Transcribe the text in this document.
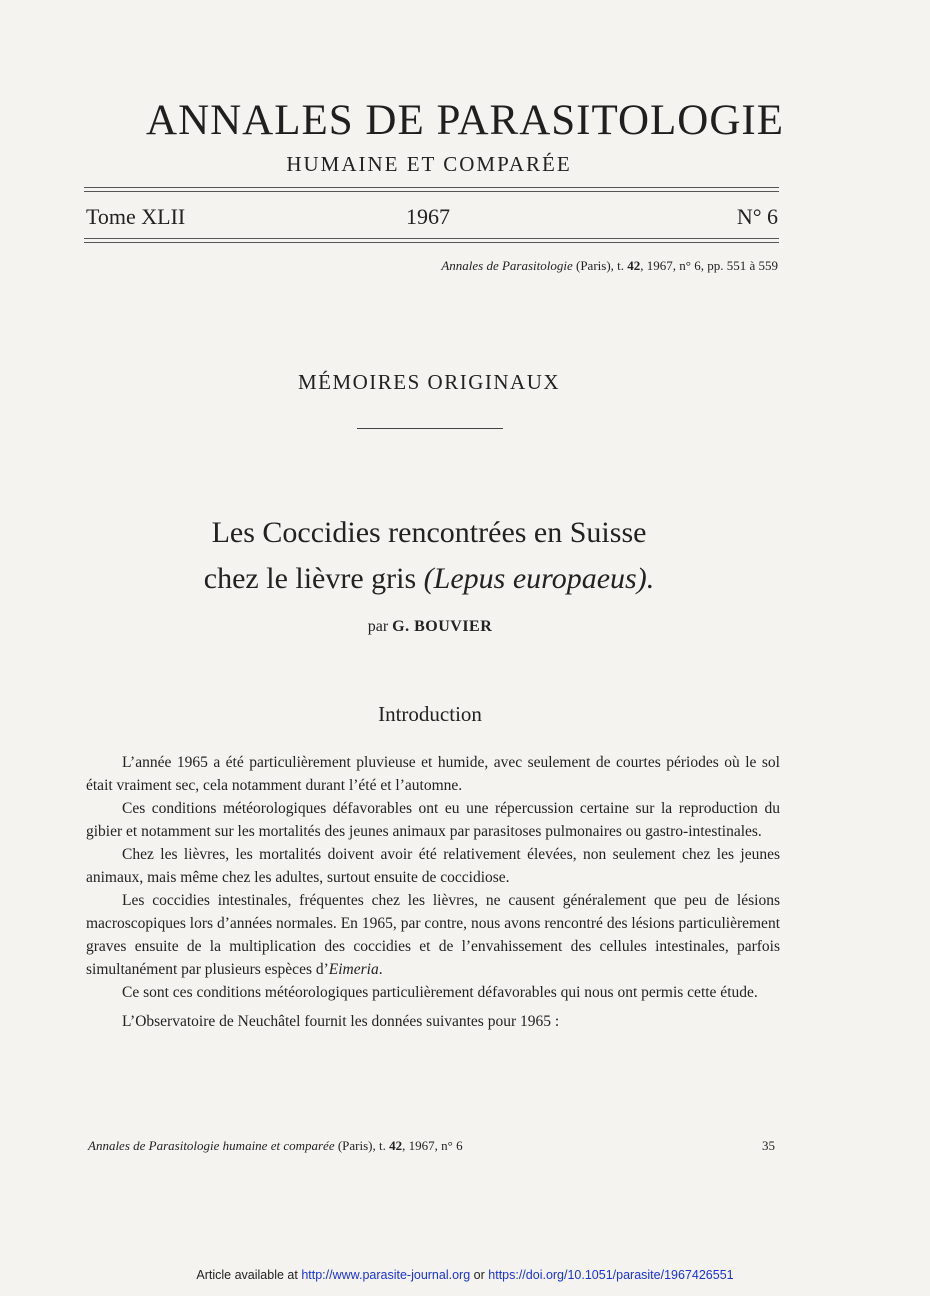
ANNALES DE PARASITOLOGIE
HUMAINE ET COMPARÉE
Tome XLII	1967	N° 6
Annales de Parasitologie (Paris), t. 42, 1967, n° 6, pp. 551 à 559
MÉMOIRES ORIGINAUX
Les Coccidies rencontrées en Suisse
chez le lièvre gris (Lepus europaeus).
par G. BOUVIER
Introduction

L’année 1965 a été particulièrement pluvieuse et humide, avec seulement de courtes périodes où le sol était vraiment sec, cela notamment durant l’été et l’automne.

Ces conditions météorologiques défavorables ont eu une répercussion certaine sur la reproduction du gibier et notamment sur les mortalités des jeunes animaux par parasitoses pulmonaires ou gastro-intestinales.

Chez les lièvres, les mortalités doivent avoir été relativement élevées, non seulement chez les jeunes animaux, mais même chez les adultes, surtout ensuite de coccidiose.

Les coccidies intestinales, fréquentes chez les lièvres, ne causent généralement que peu de lésions macroscopiques lors d’années normales. En 1965, par contre, nous avons rencontré des lésions particulièrement graves ensuite de la multiplication des coccidies et de l’envahissement des cellules intestinales, parfois simultanément par plusieurs espèces d’Eimeria.

Ce sont ces conditions météorologiques particulièrement défavorables qui nous ont permis cette étude.

L’Observatoire de Neuchâtel fournit les données suivantes pour 1965 :

Annales de Parasitologie humaine et comparée (Paris), t. 42, 1967, n° 6	35
Article available at http://www.parasite-journal.org or https://doi.org/10.1051/parasite/1967426551
